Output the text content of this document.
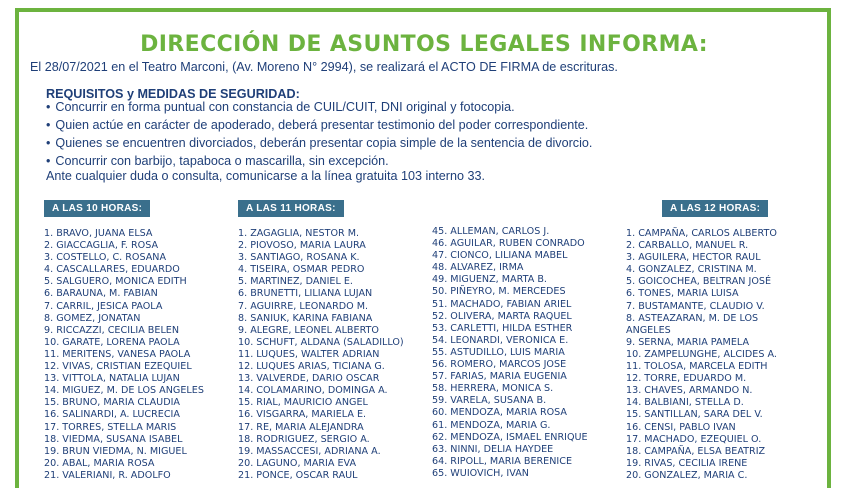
DIRECCIÓN DE ASUNTOS LEGALES INFORMA:
El 28/07/2021 en el Teatro Marconi, (Av. Moreno N° 2994), se realizará el ACTO DE FIRMA de escrituras.
REQUISITOS y MEDIDAS DE SEGURIDAD:
• Concurrir en forma puntual con constancia de CUIL/CUIT, DNI original y fotocopia.
• Quien actúe en carácter de apoderado, deberá presentar testimonio del poder correspondiente.
• Quienes se encuentren divorciados, deberán presentar copia simple de la sentencia de divorcio.
• Concurrir con barbijo, tapaboca o mascarilla, sin excepción.
Ante cualquier duda o consulta, comunicarse a la línea gratuita 103 interno 33.
A LAS 10 HORAS:
1. BRAVO, JUANA ELSA
2. GIACCAGLIA, F. ROSA
3. COSTELLO, C. ROSANA
4. CASCALLARES, EDUARDO
5. SALGUERO, MONICA EDITH
6. BARAUNA, M. FABIAN
7. CARRIL, JESICA PAOLA
8. GOMEZ, JONATAN
9. RICCAZZI, CECILIA BELEN
10. GARATE, LORENA PAOLA
11. MERITENS, VANESA PAOLA
12. VIVAS, CRISTIAN EZEQUIEL
13. VITTOLA, NATALIA LUJAN
14. MIGUEZ, M. DE LOS ANGELES
15. BRUNO, MARIA CLAUDIA
16. SALINARDI, A. LUCRECIA
17. TORRES, STELLA MARIS
18. VIEDMA, SUSANA ISABEL
19. BRUN VIEDMA, N. MIGUEL
20. ABAL, MARIA ROSA
21. VALERIANI, R. ADOLFO
A LAS 11 HORAS:
1. ZAGAGLIA, NESTOR M.
2. PIOVOSO, MARIA LAURA
3. SANTIAGO, ROSANA K.
4. TISEIRA, OSMAR PEDRO
5. MARTINEZ, DANIEL E.
6. BRUNETTI, LILIANA LUJAN
7. AGUIRRE, LEONARDO M.
8. SANIUK, KARINA FABIANA
9. ALEGRE, LEONEL ALBERTO
10. SCHUFT, ALDANA (SALADILLO)
11. LUQUES, WALTER ADRIAN
12. LUQUES ARIAS, TICIANA G.
13. VALVERDE, DARIO OSCAR
14. COLAMARINO, DOMINGA A.
15. RIAL, MAURICIO ANGEL
16. VISGARRA, MARIELA E.
17. RE, MARIA ALEJANDRA
18. RODRIGUEZ, SERGIO A.
19. MASSACCESI, ADRIANA A.
20. LAGUNO, MARIA EVA
21. PONCE, OSCAR RAUL
45. ALLEMAN, CARLOS J.
46. AGUILAR, RUBEN CONRADO
47. CIONCO, LILIANA MABEL
48. ALVAREZ, IRMA
49. MIGUENZ, MARTA B.
50. PIÑEYRO, M. MERCEDES
51. MACHADO, FABIAN ARIEL
52. OLIVERA, MARTA RAQUEL
53. CARLETTI, HILDA ESTHER
54. LEONARDI, VERONICA E.
55. ASTUDILLO, LUIS MARIA
56. ROMERO, MARCOS JOSE
57. FARIAS, MARIA EUGENIA
58. HERRERA, MONICA S.
59. VARELA, SUSANA B.
60. MENDOZA, MARIA ROSA
61. MENDOZA, MARIA G.
62. MENDOZA, ISMAEL ENRIQUE
63. NINNI, DELIA HAYDEE
64. RIPOLL, MARIA BERENICE
65. WUIOVICH, IVAN
A LAS 12 HORAS:
1. CAMPAÑA, CARLOS ALBERTO
2. CARBALLO, MANUEL R.
3. AGUILERA, HECTOR RAUL
4. GONZALEZ, CRISTINA M.
5. GOICOCHEA, BELTRAN JOSÉ
6. TONES, MARIA LUISA
7. BUSTAMANTE, CLAUDIO V.
8. ASTEAZARAN, M. DE LOS
ANGELES
9. SERNA, MARIA PAMELA
10. ZAMPELUNGHE, ALCIDES A.
11. TOLOSA, MARCELA EDITH
12. TORRE, EDUARDO M.
13. CHAVES, ARMANDO N.
14. BALBIANI, STELLA D.
15. SANTILLAN, SARA DEL V.
16. CENSI, PABLO IVAN
17. MACHADO, EZEQUIEL O.
18. CAMPAÑA, ELSA BEATRIZ
19. RIVAS, CECILIA IRENE
20. GONZALEZ, MARIA C.
